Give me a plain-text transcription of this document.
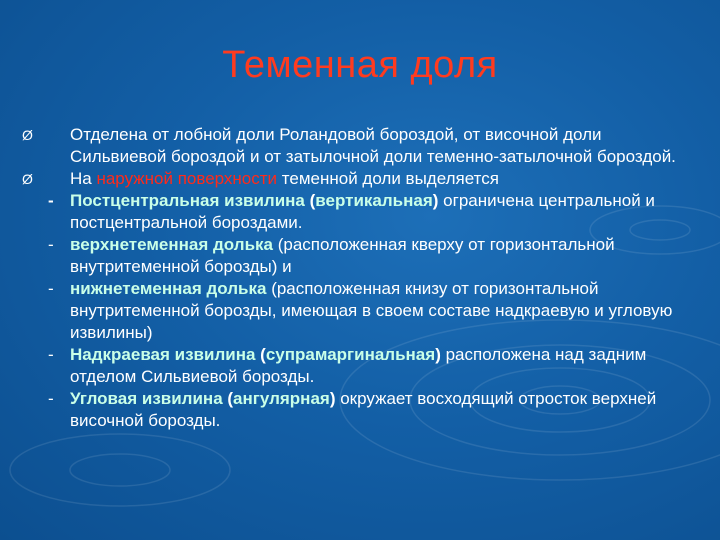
Теменная доля
Ø	Отделена от лобной доли Роландовой бороздой, от височной доли Сильвиевой бороздой и от затылочной доли теменно-затылочной бороздой.
Ø	На наружной поверхности теменной доли выделяется
- Постцентральная извилина (вертикальная) ограничена центральной и постцентральной бороздами.
- верхнетеменная долька (расположенная кверху от горизонтальной внутритеменной борозды) и
- нижнетеменная долька (расположенная книзу от горизонтальной внутритеменной борозды, имеющая в своем составе надкраевую и угловую извилины)
- Надкраевая извилина (супрамаргинальная) расположена над задним отделом Сильвиевой борозды.
- Угловая извилина (ангулярная) окружает восходящий отросток верхней височной борозды.
